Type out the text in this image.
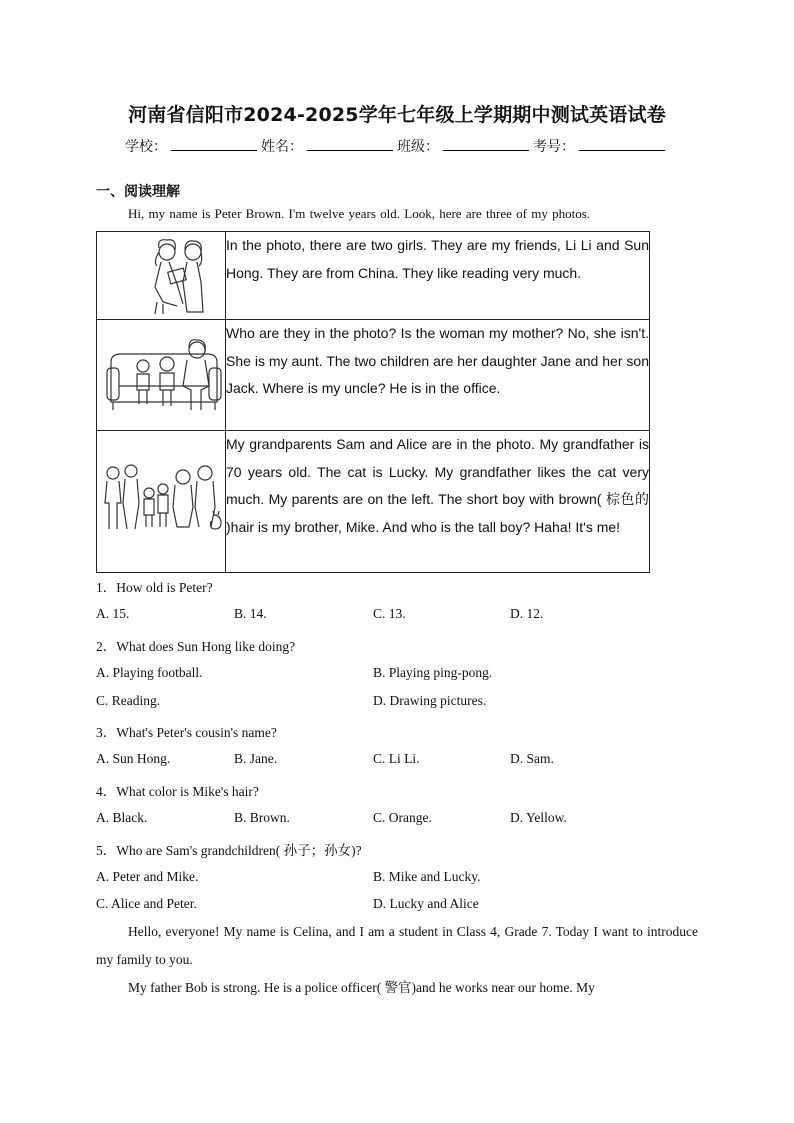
河南省信阳市2024-2025学年七年级上学期期中测试英语试卷
学校：	姓名：	班级：	考号：
一、阅读理解
Hi, my name is Peter Brown. I'm twelve years old. Look, here are three of my photos.
	In the photo, there are two girls. They are my friends, Li Li and Sun Hong. They are from China. They like reading very much.

	Who are they in the photo? Is the woman my mother? No, she isn't. She is my aunt. The two children are her daughter Jane and her son Jack. Where is my uncle? He is in the office.

	My grandparents Sam and Alice are in the photo. My grandfather is 70 years old. The cat is Lucky. My grandfather likes the cat very much. My parents are on the left. The short boy with brown( 棕色的 )hair is my brother, Mike. And who is the tall boy? Haha! It's me!
1．How old is Peter?
A. 15.	B. 14.	C. 13.	D. 12.
2．What does Sun Hong like doing?
A. Playing football.	B. Playing ping-pong.
C. Reading.	D. Drawing pictures.
3．What's Peter's cousin's name?
A. Sun Hong.	B. Jane.	C. Li Li.	D. Sam.
4．What color is Mike's hair?
A. Black.	B. Brown.	C. Orange.	D. Yellow.
5．Who are Sam's grandchildren( 孙子；孙女)?
A. Peter and Mike.	B. Mike and Lucky.
C. Alice and Peter.	D. Lucky and Alice
Hello, everyone! My name is Celina, and I am a student in Class 4, Grade 7. Today I want to introduce my family to you.
My father Bob is strong. He is a police officer( 警官)and he works near our home. My
